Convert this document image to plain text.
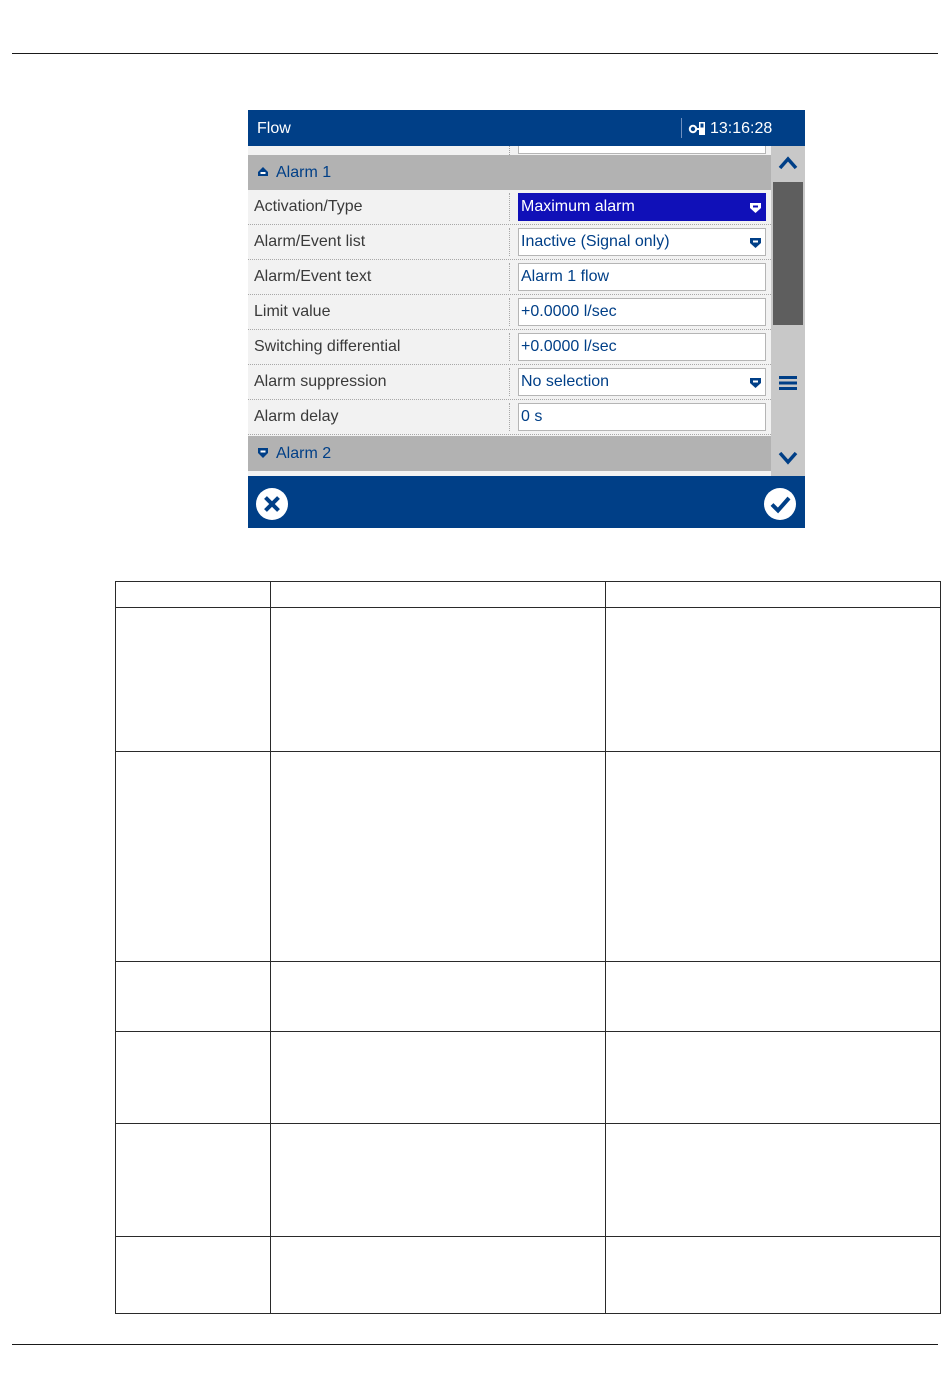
Flow	13:16:28
Alarm 1
Activation/Type	Maximum alarm
Alarm/Event list	Inactive (Signal only)
Alarm/Event text	Alarm 1 flow
Limit value	+0.0000 l/sec
Switching differential	+0.0000 l/sec
Alarm suppression	No selection
Alarm delay	0 s
Alarm 2
